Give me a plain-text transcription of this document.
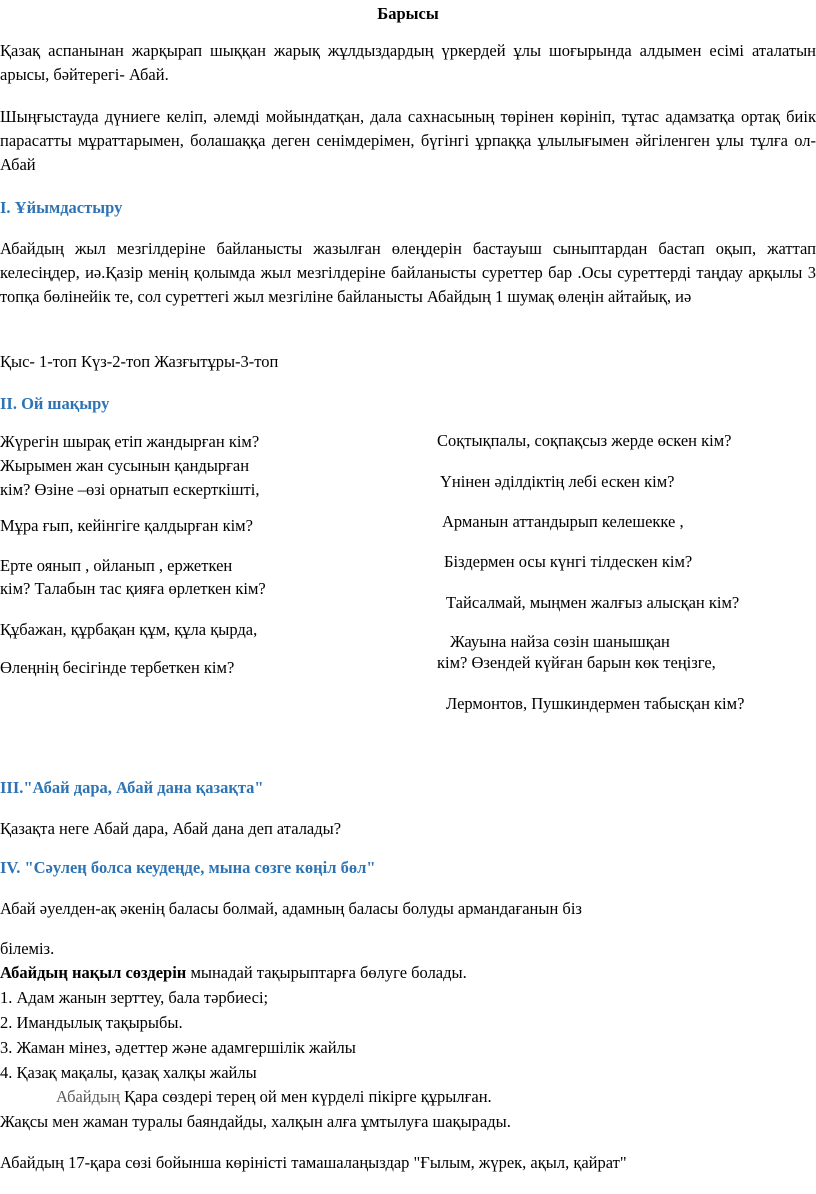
Барысы
Қазақ аспанынан жарқырап шыққан жарық жұлдыздардың үркердей ұлы шоғырында алдымен есімі аталатын арысы, бәйтерегі- Абай.
Шыңғыстауда дүниеге келіп, әлемді мойындатқан, дала сахнасының төрінен көрініп, тұтас адамзатқа ортақ биік парасатты мұраттарымен, болашаққа деген сенімдерімен, бүгінгі ұрпаққа ұлылығымен әйгіленген ұлы тұлға ол-Абай
I. Ұйымдастыру
Абайдың жыл мезгілдеріне байланысты жазылған өлеңдерін бастауыш сыныптардан бастап оқып, жаттап келесіңдер, иә.Қазір менің қолымда жыл мезгілдеріне байланысты суреттер бар .Осы суреттерді таңдау арқылы 3 топқа бөлінейік те, сол суреттегі жыл мезгіліне байланысты Абайдың 1 шумақ өлеңін айтайық, иә
Қыс- 1-топ Күз-2-топ Жазғытұры-3-топ
II. Ой шақыру
Жүрегін шырақ етіп жандырған кім?
Жырымен жан сусынын қандырған
кім? Өзіне –өзі орнатып ескерткішті,
Мұра ғып, кейінгіге қалдырған кім?
Ерте оянып , ойланып , ержеткен
кім? Талабын тас қияға өрлеткен кім?
Құбажан, құрбақан құм, құла қырда,
Өлеңнің бесігінде тербеткен кім?
Соқтықпалы, соқпақсыз жерде өскен кім?
Үнінен әділдіктің лебі ескен кім?
Арманын аттандырып келешекке ,
Біздермен осы күнгі тілдескен кім?
Тайсалмай, мыңмен жалғыз алысқан кім?
Жауына найза сөзін шанышқан
кім? Өзендей күйған барын көк теңізге,
Лермонтов, Пушкиндермен табысқан кім?
III."Абай дара, Абай дана қазақта"
Қазақта неге Абай дара, Абай дана деп аталады?
IV. "Сәулең болса кеудеңде, мына сөзге көңіл бөл"
Абай әуелден-ақ әкенің баласы болмай, адамның баласы болуды армандағанын біз
білеміз.
Абайдың нақыл сөздерін мынадай тақырыптарға бөлуге болады.
1. Адам жанын зерттеу, бала тәрбиесі;
2. Имандылық тақырыбы.
3. Жаман мінез, әдеттер және адамгершілік жайлы
4. Қазақ мақалы, қазақ халқы жайлы
Абайдың Қара сөздері терең ой мен күрделі пікірге құрылған.
Жақсы мен жаман туралы баяндайды, халқын алға ұмтылуға шақырады.
Абайдың 17-қара сөзі бойынша көріністі тамашалаңыздар "Ғылым, жүрек, ақыл, қайрат"
